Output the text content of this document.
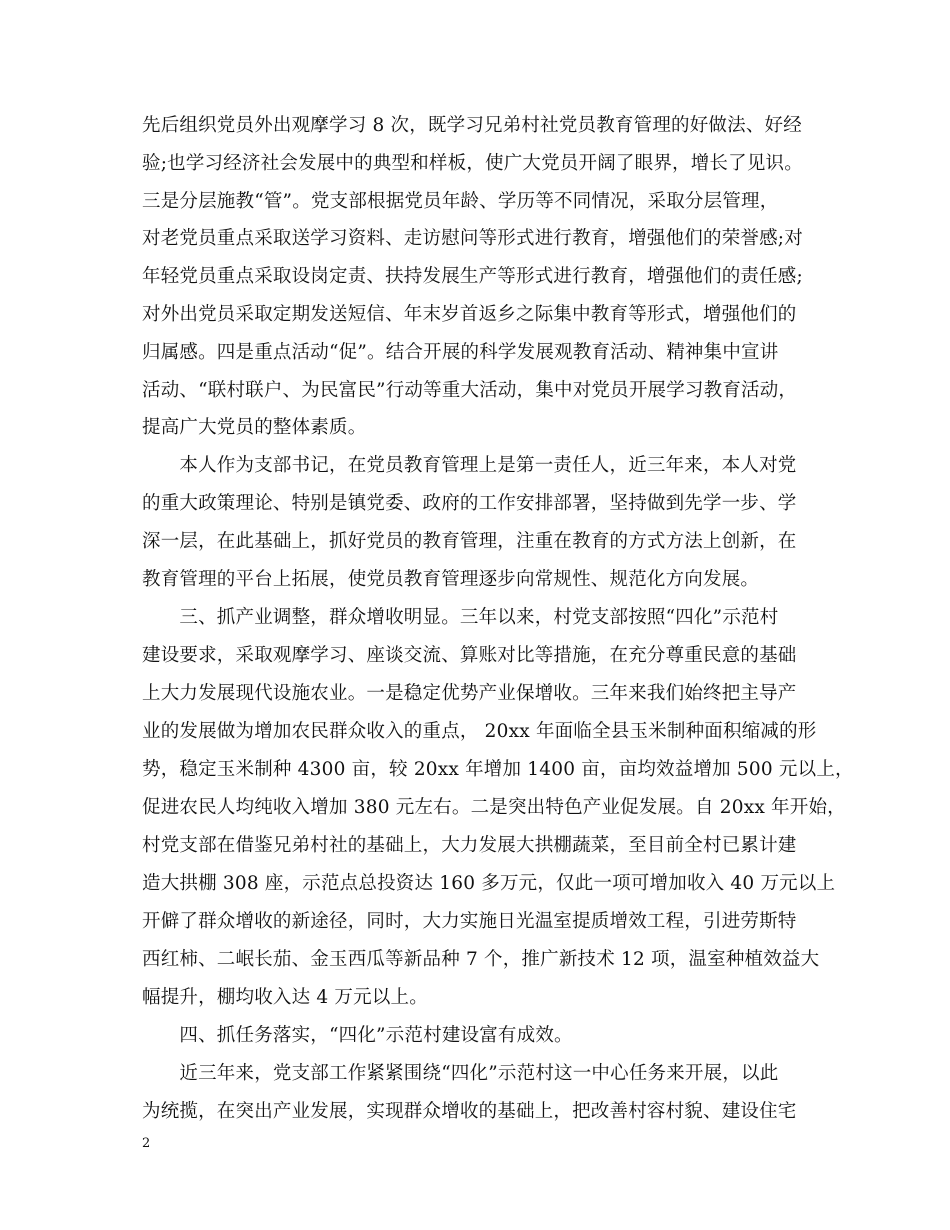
先后组织党员外出观摩学习 8 次，既学习兄弟村社党员教育管理的好做法、好经
验;也学习经济社会发展中的典型和样板，使广大党员开阔了眼界，增长了见识。
三是分层施教“管”。党支部根据党员年龄、学历等不同情况，采取分层管理，
对老党员重点采取送学习资料、走访慰问等形式进行教育，增强他们的荣誉感;对
年轻党员重点采取设岗定责、扶持发展生产等形式进行教育，增强他们的责任感;
对外出党员采取定期发送短信、年末岁首返乡之际集中教育等形式，增强他们的
归属感。四是重点活动“促”。结合开展的科学发展观教育活动、精神集中宣讲
活动、“联村联户、为民富民”行动等重大活动，集中对党员开展学习教育活动，
提高广大党员的整体素质。
　　本人作为支部书记，在党员教育管理上是第一责任人，近三年来，本人对党
的重大政策理论、特别是镇党委、政府的工作安排部署，坚持做到先学一步、学
深一层，在此基础上，抓好党员的教育管理，注重在教育的方式方法上创新，在
教育管理的平台上拓展，使党员教育管理逐步向常规性、规范化方向发展。
　　三、抓产业调整，群众增收明显。三年以来，村党支部按照“四化”示范村
建设要求，采取观摩学习、座谈交流、算账对比等措施，在充分尊重民意的基础
上大力发展现代设施农业。一是稳定优势产业保增收。三年来我们始终把主导产
业的发展做为增加农民群众收入的重点， 20xx 年面临全县玉米制种面积缩减的形
势，稳定玉米制种 4300 亩，较 20xx 年增加 1400 亩，亩均效益增加 500 元以上，
促进农民人均纯收入增加 380 元左右。二是突出特色产业促发展。自 20xx 年开始，
村党支部在借鉴兄弟村社的基础上，大力发展大拱棚蔬菜，至目前全村已累计建
造大拱棚 308 座，示范点总投资达 160 多万元，仅此一项可增加收入 40 万元以上
开僻了群众增收的新途径，同时，大力实施日光温室提质增效工程，引进劳斯特
西红柿、二岷长茄、金玉西瓜等新品种 7 个，推广新技术 12 项，温室种植效益大
幅提升，棚均收入达 4 万元以上。
　　四、抓任务落实，“四化”示范村建设富有成效。
　　近三年来，党支部工作紧紧围绕“四化”示范村这一中心任务来开展，以此
为统揽，在突出产业发展，实现群众增收的基础上，把改善村容村貌、建设住宅
2
